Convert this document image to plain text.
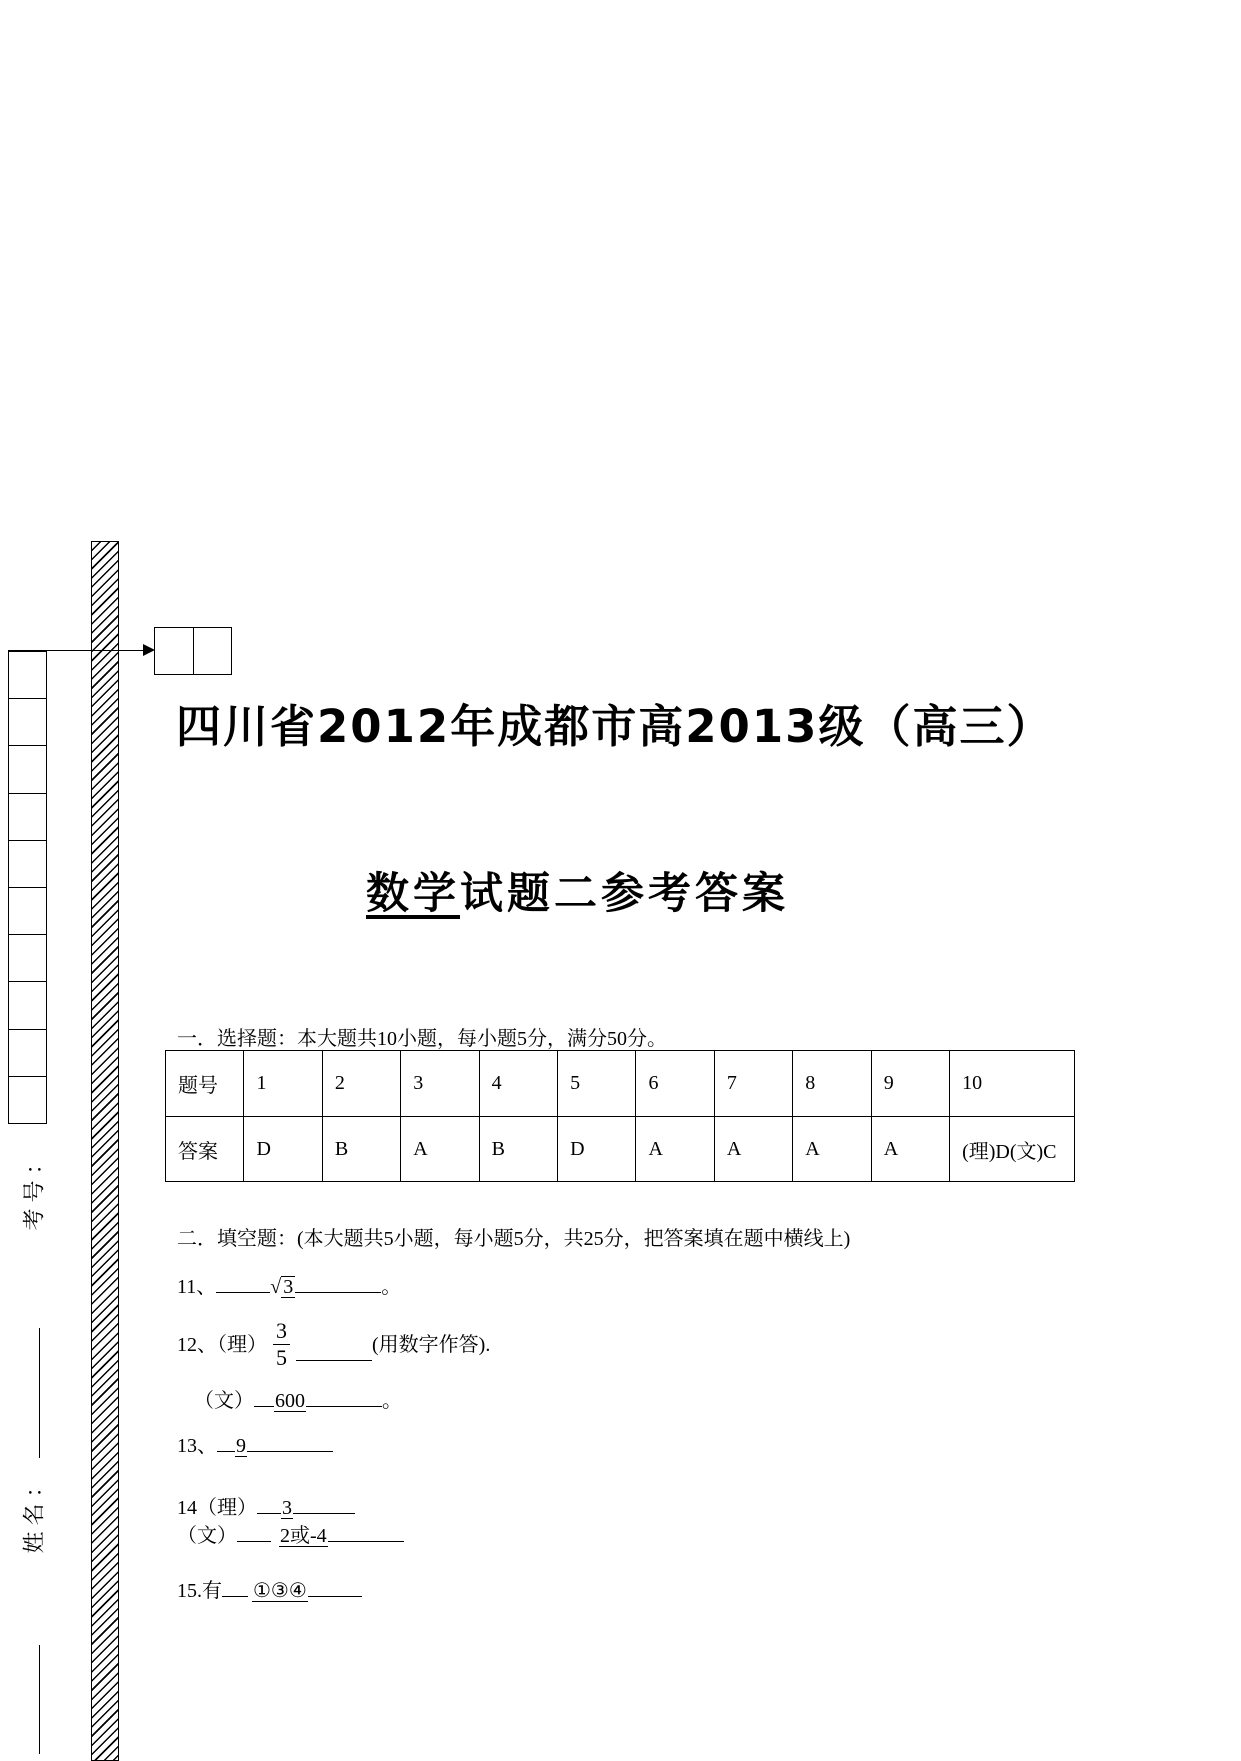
考号：
姓名：
四川省2012年成都市高2013级（高三）
数学试题二参考答案
一．选择题：本大题共10小题，每小题5分，满分50分。
题号	1	2	3	4	5	6	7	8	9	10
答案	D	B	A	B	D	A	A	A	A	(理)D(文)C
二．填空题：(本大题共5小题，每小题5分，共25分，把答案填在题中横线上)
11、	√ 3	。
12、（理） $\frac{3}{5}$	(用数字作答).
（文） 600	。
13、 9
14（理） 3
（文） 2或-4
15.有 ①③④
